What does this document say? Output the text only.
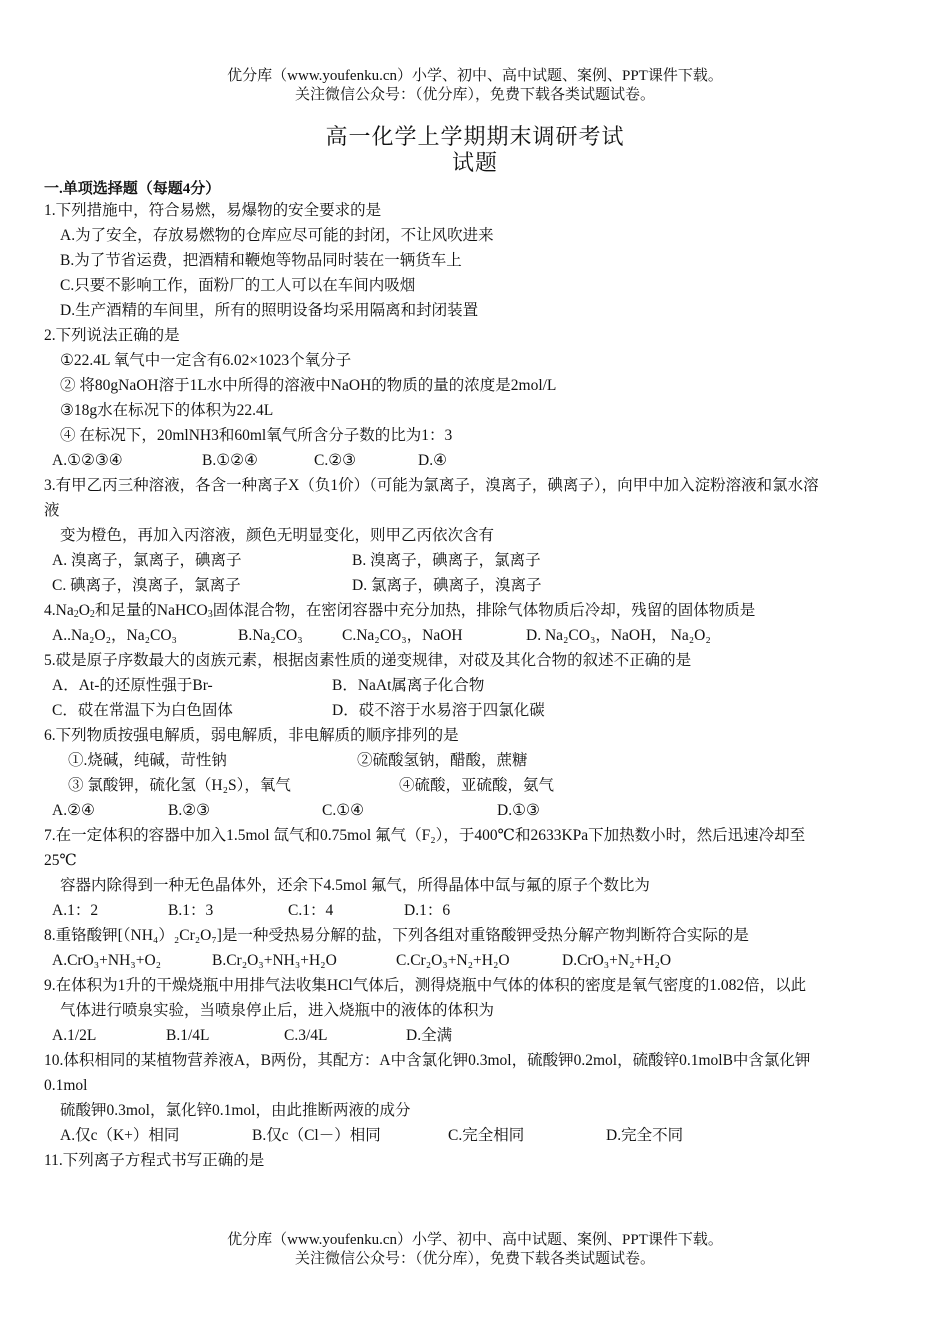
优分库（www.youfenku.cn）小学、初中、高中试题、案例、PPT课件下载。
关注微信公众号：（优分库），免费下载各类试题试卷。
高一化学上学期期末调研考试
试题
一.单项选择题（每题4分）
1.下列措施中，符合易燃，易爆物的安全要求的是
A.为了安全，存放易燃物的仓库应尽可能的封闭，不让风吹进来
B.为了节省运费，把酒精和鞭炮等物品同时装在一辆货车上
C.只要不影响工作，面粉厂的工人可以在车间内吸烟
D.生产酒精的车间里，所有的照明设备均采用隔离和封闭装置
2.下列说法正确的是
①22.4L 氧气中一定含有6.02×1023个氧分子
② 将80gNaOH溶于1L水中所得的溶液中NaOH的物质的量的浓度是2mol/L
③18g水在标况下的体积为22.4L
④ 在标况下，20mlNH3和60ml氧气所含分子数的比为1：3
A.①②③④	B.①②④	C.②③	D.④
3.有甲乙丙三种溶液，各含一种离子X（负1价）（可能为氯离子，溴离子，碘离子），向甲中加入淀粉溶液和氯水溶
液
变为橙色，再加入丙溶液，颜色无明显变化，则甲乙丙依次含有
A. 溴离子，氯离子，碘离子	B. 溴离子，碘离子，氯离子
C. 碘离子，溴离子，氯离子	D. 氯离子，碘离子，溴离子
$4.Na_2O_2$和足量的NaHCO$_3$固体混合物，在密闭容器中充分加热，排除气体物质后冷却，残留的固体物质是
A..Na₂O₂，Na₂CO₃	B.Na₂CO₃	C.Na₂CO₃，NaOH	D. Na₂CO₃，NaOH， Na₂O₂
5.砹是原子序数最大的卤族元素，根据卤素性质的递变规律，对砹及其化合物的叙述不正确的是
A．At-的还原性强于Br-	B．NaAt属离子化合物
C．砹在常温下为白色固体	D．砹不溶于水易溶于四氯化碳
6.下列物质按强电解质，弱电解质，非电解质的顺序排列的是
①.烧碱，纯碱，苛性钠	②硫酸氢钠，醋酸，蔗糖
③ 氯酸钾，硫化氢（H₂S），氧气	④硫酸，亚硫酸，氨气
A.②④	B.②③	C.①④	D.①③
7.在一定体积的容器中加入1.5mol 氙气和0.75mol 氟气（F₂），于400℃和2633KPa下加热数小时，然后迅速冷却至
25℃
容器内除得到一种无色晶体外，还余下4.5mol 氟气，所得晶体中氙与氟的原子个数比为
A.1：2	B.1：3	C.1：4	D.1：6
8.重铬酸钾[（NH₄）₂Cr₂O₇]是一种受热易分解的盐，下列各组对重铬酸钾受热分解产物判断符合实际的是
A.CrO₃+NH₃+O₂	B.Cr₂O₃+NH₃+H₂O	C.Cr₂O₃+N₂+H₂O	D.CrO₃+N₂+H₂O
9.在体积为1升的干燥烧瓶中用排气法收集HCl气体后，测得烧瓶中气体的体积的密度是氧气密度的1.082倍，以此
气体进行喷泉实验，当喷泉停止后，进入烧瓶中的液体的体积为
A.1/2L	B.1/4L	C.3/4L	D.全满
10.体积相同的某植物营养液A，B两份，其配方：A中含氯化钾0.3mol，硫酸钾0.2mol，硫酸锌0.1molB中含氯化钾
0.1mol
硫酸钾0.3mol，氯化锌0.1mol，由此推断两液的成分
A.仅c（K+）相同	B.仅c（Cl－）相同	C.完全相同	D.完全不同
11.下列离子方程式书写正确的是
优分库（www.youfenku.cn）小学、初中、高中试题、案例、PPT课件下载。
关注微信公众号：（优分库），免费下载各类试题试卷。
